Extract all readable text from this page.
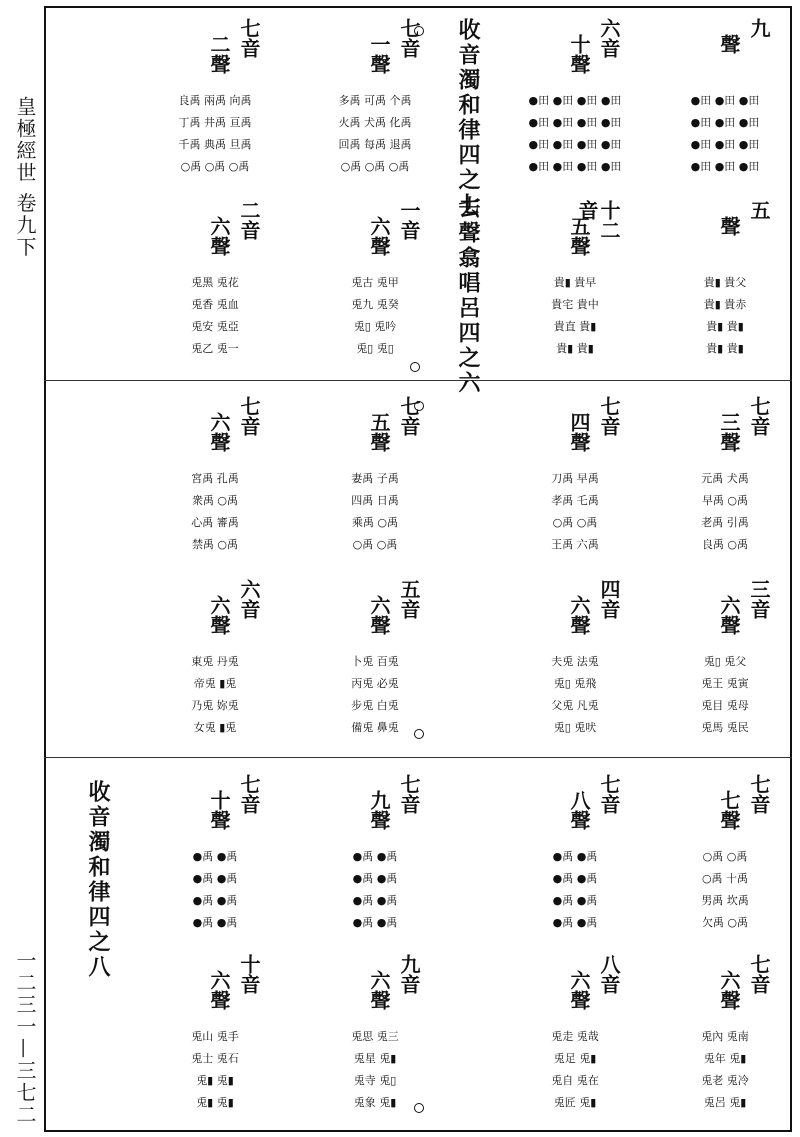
皇極經世 卷九下
一二三一—三七二
收音濁和律四之七
去聲翕唱呂四之六
收音濁和律四之八
九
聲
●田 ●田 ●田
●田 ●田 ●田
●田 ●田 ●田
●田 ●田 ●田
六音
十聲
●田 ●田 ●田 ●田
●田 ●田 ●田 ●田
●田 ●田 ●田 ●田
●田 ●田 ●田 ●田
七音
一聲
多禹 可禹 个禹
火禹 犬禹 化禹
回禹 每禹 退禹
○禹 ○禹 ○禹
七音
二聲
良禹 兩禹 向禹
丁禹 井禹 亘禹
千禹 典禹 旦禹
○禹 ○禹 ○禹
五
聲
貴▮ 貴父
貴▮ 貴赤
貴▮ 貴▮
貴▮ 貴▮
十二音
五聲
貴▮ 貴早
貴宅 貴中
貴直 貴▮
貴▮ 貴▮
一音
六聲
兎古 兎甲
兎九 兎癸
兎▯ 兎吟
兎▯ 兎▯
二音
六聲
兎黑 兎花
兎香 兎血
兎安 兎亞
兎乙 兎一
七音
三聲
元禹 犬禹
早禹 ○禹
老禹 引禹
良禹 ○禹
七音
四聲
刀禹 早禹
孝禹 乇禹
○禹 ○禹
王禹 六禹
七音
五聲
妻禹 子禹
四禹 日禹
乘禹 ○禹
○禹 ○禹
七音
六聲
宮禹 孔禹
衆禹 ○禹
心禹 審禹
禁禹 ○禹
三音
六聲
兎▯ 兎父
兎王 兎寅
兎目 兎母
兎馬 兎民
四音
六聲
夫兎 法兎
兎▯ 兎飛
父兎 凡兎
兎▯ 兎吠
五音
六聲
卜兎 百兎
丙兎 必兎
步兎 白兎
備兎 鼻兎
六音
六聲
東兎 丹兎
帝兎 ▮兎
乃兎 妳兎
女兎 ▮兎
七音
七聲
○禹 ○禹
○禹 十禹
男禹 坎禹
欠禹 ○禹
七音
八聲
●禹 ●禹
●禹 ●禹
●禹 ●禹
●禹 ●禹
七音
九聲
●禹 ●禹
●禹 ●禹
●禹 ●禹
●禹 ●禹
七音
十聲
●禹 ●禹
●禹 ●禹
●禹 ●禹
●禹 ●禹
七音
六聲
兎內 兎南
兎年 兎▮
兎老 兎冷
兎呂 兎▮
八音
六聲
兎走 兎哉
兎足 兎▮
兎自 兎在
兎匠 兎▮
九音
六聲
兎思 兎三
兎星 兎▮
兎寺 兎▯
兎象 兎▮
十音
六聲
兎山 兎手
兎士 兎石
兎▮ 兎▮
兎▮ 兎▮
